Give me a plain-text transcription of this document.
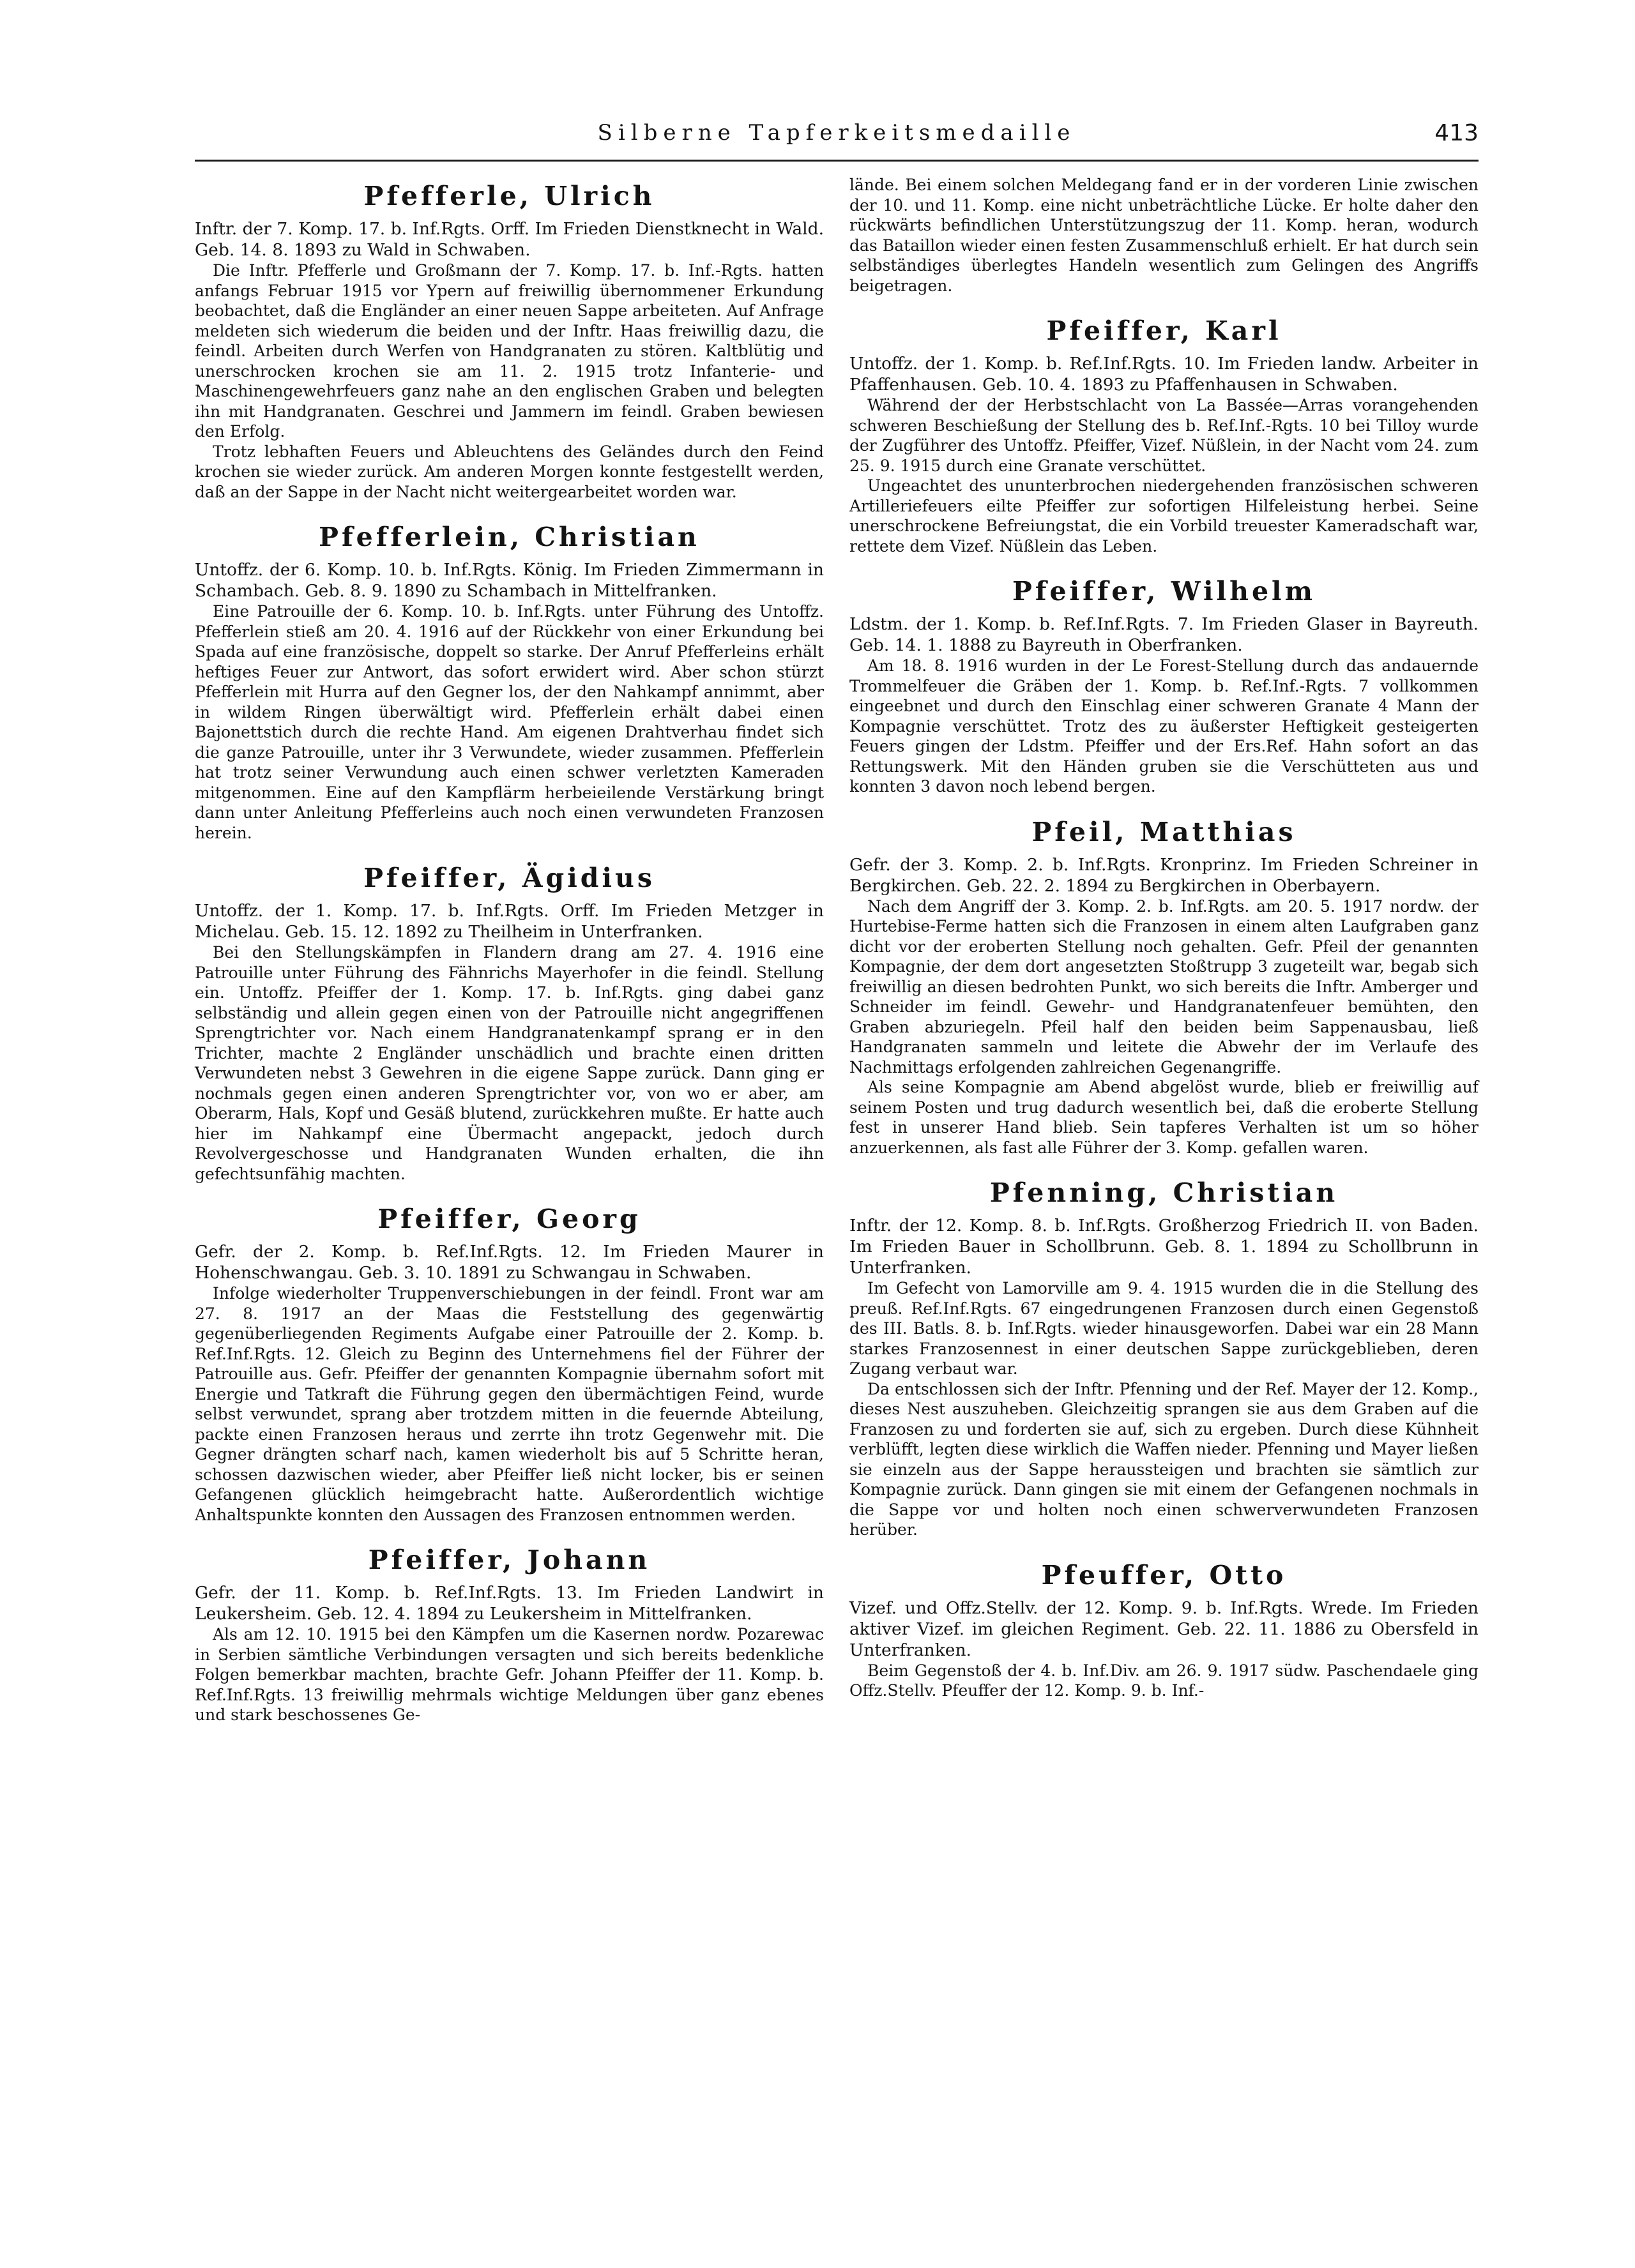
Silberne Tapferkeitsmedaille	413
Pfefferle, Ulrich

Inftr. der 7. Komp. 17. b. Inf.Rgts. Orff. Im Frieden Dienstknecht in Wald. Geb. 14. 8. 1893 zu Wald in Schwaben.

Die Inftr. Pfefferle und Großmann der 7. Komp. 17. b. Inf.-Rgts. hatten anfangs Februar 1915 vor Ypern auf freiwillig übernommener Erkundung beobachtet, daß die Engländer an einer neuen Sappe arbeiteten. Auf Anfrage meldeten sich wiederum die beiden und der Inftr. Haas freiwillig dazu, die feindl. Arbeiten durch Werfen von Handgranaten zu stören. Kaltblütig und unerschrocken krochen sie am 11. 2. 1915 trotz Infanterie- und Maschinengewehrfeuers ganz nahe an den englischen Graben und belegten ihn mit Handgranaten. Geschrei und Jammern im feindl. Graben bewiesen den Erfolg.

Trotz lebhaften Feuers und Ableuchtens des Geländes durch den Feind krochen sie wieder zurück. Am anderen Morgen konnte festgestellt werden, daß an der Sappe in der Nacht nicht weitergearbeitet worden war.

Pfefferlein, Christian

Untoffz. der 6. Komp. 10. b. Inf.Rgts. König. Im Frieden Zimmermann in Schambach. Geb. 8. 9. 1890 zu Schambach in Mittelfranken.

Eine Patrouille der 6. Komp. 10. b. Inf.Rgts. unter Führung des Untoffz. Pfefferlein stieß am 20. 4. 1916 auf der Rückkehr von einer Erkundung bei Spada auf eine französische, doppelt so starke. Der Anruf Pfefferleins erhält heftiges Feuer zur Antwort, das sofort erwidert wird. Aber schon stürzt Pfefferlein mit Hurra auf den Gegner los, der den Nahkampf annimmt, aber in wildem Ringen überwältigt wird. Pfefferlein erhält dabei einen Bajonettstich durch die rechte Hand. Am eigenen Drahtverhau findet sich die ganze Patrouille, unter ihr 3 Verwundete, wieder zusammen. Pfefferlein hat trotz seiner Verwundung auch einen schwer verletzten Kameraden mitgenommen. Eine auf den Kampflärm herbeieilende Verstärkung bringt dann unter Anleitung Pfefferleins auch noch einen verwundeten Franzosen herein.

Pfeiffer, Ägidius

Untoffz. der 1. Komp. 17. b. Inf.Rgts. Orff. Im Frieden Metzger in Michelau. Geb. 15. 12. 1892 zu Theilheim in Unterfranken.

Bei den Stellungskämpfen in Flandern drang am 27. 4. 1916 eine Patrouille unter Führung des Fähnrichs Mayerhofer in die feindl. Stellung ein. Untoffz. Pfeiffer der 1. Komp. 17. b. Inf.Rgts. ging dabei ganz selbständig und allein gegen einen von der Patrouille nicht angegriffenen Sprengtrichter vor. Nach einem Handgranatenkampf sprang er in den Trichter, machte 2 Engländer unschädlich und brachte einen dritten Verwundeten nebst 3 Gewehren in die eigene Sappe zurück. Dann ging er nochmals gegen einen anderen Sprengtrichter vor, von wo er aber, am Oberarm, Hals, Kopf und Gesäß blutend, zurückkehren mußte. Er hatte auch hier im Nahkampf eine Übermacht angepackt, jedoch durch Revolvergeschosse und Handgranaten Wunden erhalten, die ihn gefechtsunfähig machten.

Pfeiffer, Georg

Gefr. der 2. Komp. b. Ref.Inf.Rgts. 12. Im Frieden Maurer in Hohenschwangau. Geb. 3. 10. 1891 zu Schwangau in Schwaben.

Infolge wiederholter Truppenverschiebungen in der feindl. Front war am 27. 8. 1917 an der Maas die Feststellung des gegenwärtig gegenüberliegenden Regiments Aufgabe einer Patrouille der 2. Komp. b. Ref.Inf.Rgts. 12. Gleich zu Beginn des Unternehmens fiel der Führer der Patrouille aus. Gefr. Pfeiffer der genannten Kompagnie übernahm sofort mit Energie und Tatkraft die Führung gegen den übermächtigen Feind, wurde selbst verwundet, sprang aber trotzdem mitten in die feuernde Abteilung, packte einen Franzosen heraus und zerrte ihn trotz Gegenwehr mit. Die Gegner drängten scharf nach, kamen wiederholt bis auf 5 Schritte heran, schossen dazwischen wieder, aber Pfeiffer ließ nicht locker, bis er seinen Gefangenen glücklich heimgebracht hatte. Außerordentlich wichtige Anhaltspunkte konnten den Aussagen des Franzosen entnommen werden.

Pfeiffer, Johann

Gefr. der 11. Komp. b. Ref.Inf.Rgts. 13. Im Frieden Landwirt in Leukersheim. Geb. 12. 4. 1894 zu Leukersheim in Mittelfranken.

Als am 12. 10. 1915 bei den Kämpfen um die Kasernen nordw. Pozarewac in Serbien sämtliche Verbindungen versagten und sich bereits bedenkliche Folgen bemerkbar machten, brachte Gefr. Johann Pfeiffer der 11. Komp. b. Ref.Inf.Rgts. 13 freiwillig mehrmals wichtige Meldungen über ganz ebenes und stark beschossenes Ge-

lände. Bei einem solchen Meldegang fand er in der vorderen Linie zwischen der 10. und 11. Komp. eine nicht unbeträchtliche Lücke. Er holte daher den rückwärts befindlichen Unterstützungszug der 11. Komp. heran, wodurch das Bataillon wieder einen festen Zusammenschluß erhielt. Er hat durch sein selbständiges überlegtes Handeln wesentlich zum Gelingen des Angriffs beigetragen.

Pfeiffer, Karl

Untoffz. der 1. Komp. b. Ref.Inf.Rgts. 10. Im Frieden landw. Arbeiter in Pfaffenhausen. Geb. 10. 4. 1893 zu Pfaffenhausen in Schwaben.

Während der der Herbstschlacht von La Bassée—Arras vorangehenden schweren Beschießung der Stellung des b. Ref.Inf.-Rgts. 10 bei Tilloy wurde der Zugführer des Untoffz. Pfeiffer, Vizef. Nüßlein, in der Nacht vom 24. zum 25. 9. 1915 durch eine Granate verschüttet.

Ungeachtet des ununterbrochen niedergehenden französischen schweren Artilleriefeuers eilte Pfeiffer zur sofortigen Hilfeleistung herbei. Seine unerschrockene Befreiungstat, die ein Vorbild treuester Kameradschaft war, rettete dem Vizef. Nüßlein das Leben.

Pfeiffer, Wilhelm

Ldstm. der 1. Komp. b. Ref.Inf.Rgts. 7. Im Frieden Glaser in Bayreuth. Geb. 14. 1. 1888 zu Bayreuth in Oberfranken.

Am 18. 8. 1916 wurden in der Le Forest-Stellung durch das andauernde Trommelfeuer die Gräben der 1. Komp. b. Ref.Inf.-Rgts. 7 vollkommen eingeebnet und durch den Einschlag einer schweren Granate 4 Mann der Kompagnie verschüttet. Trotz des zu äußerster Heftigkeit gesteigerten Feuers gingen der Ldstm. Pfeiffer und der Ers.Ref. Hahn sofort an das Rettungswerk. Mit den Händen gruben sie die Verschütteten aus und konnten 3 davon noch lebend bergen.

Pfeil, Matthias

Gefr. der 3. Komp. 2. b. Inf.Rgts. Kronprinz. Im Frieden Schreiner in Bergkirchen. Geb. 22. 2. 1894 zu Bergkirchen in Oberbayern.

Nach dem Angriff der 3. Komp. 2. b. Inf.Rgts. am 20. 5. 1917 nordw. der Hurtebise-Ferme hatten sich die Franzosen in einem alten Laufgraben ganz dicht vor der eroberten Stellung noch gehalten. Gefr. Pfeil der genannten Kompagnie, der dem dort angesetzten Stoßtrupp 3 zugeteilt war, begab sich freiwillig an diesen bedrohten Punkt, wo sich bereits die Inftr. Amberger und Schneider im feindl. Gewehr- und Handgranatenfeuer bemühten, den Graben abzuriegeln. Pfeil half den beiden beim Sappenausbau, ließ Handgranaten sammeln und leitete die Abwehr der im Verlaufe des Nachmittags erfolgenden zahlreichen Gegenangriffe.

Als seine Kompagnie am Abend abgelöst wurde, blieb er freiwillig auf seinem Posten und trug dadurch wesentlich bei, daß die eroberte Stellung fest in unserer Hand blieb. Sein tapferes Verhalten ist um so höher anzuerkennen, als fast alle Führer der 3. Komp. gefallen waren.

Pfenning, Christian

Inftr. der 12. Komp. 8. b. Inf.Rgts. Großherzog Friedrich II. von Baden. Im Frieden Bauer in Schollbrunn. Geb. 8. 1. 1894 zu Schollbrunn in Unterfranken.

Im Gefecht von Lamorville am 9. 4. 1915 wurden die in die Stellung des preuß. Ref.Inf.Rgts. 67 eingedrungenen Franzosen durch einen Gegenstoß des III. Batls. 8. b. Inf.Rgts. wieder hinausgeworfen. Dabei war ein 28 Mann starkes Franzosennest in einer deutschen Sappe zurückgeblieben, deren Zugang verbaut war.

Da entschlossen sich der Inftr. Pfenning und der Ref. Mayer der 12. Komp., dieses Nest auszuheben. Gleichzeitig sprangen sie aus dem Graben auf die Franzosen zu und forderten sie auf, sich zu ergeben. Durch diese Kühnheit verblüfft, legten diese wirklich die Waffen nieder. Pfenning und Mayer ließen sie einzeln aus der Sappe heraussteigen und brachten sie sämtlich zur Kompagnie zurück. Dann gingen sie mit einem der Gefangenen nochmals in die Sappe vor und holten noch einen schwerverwundeten Franzosen herüber.

Pfeuffer, Otto

Vizef. und Offz.Stellv. der 12. Komp. 9. b. Inf.Rgts. Wrede. Im Frieden aktiver Vizef. im gleichen Regiment. Geb. 22. 11. 1886 zu Obersfeld in Unterfranken.

Beim Gegenstoß der 4. b. Inf.Div. am 26. 9. 1917 südw. Paschendaele ging Offz.Stellv. Pfeuffer der 12. Komp. 9. b. Inf.-
